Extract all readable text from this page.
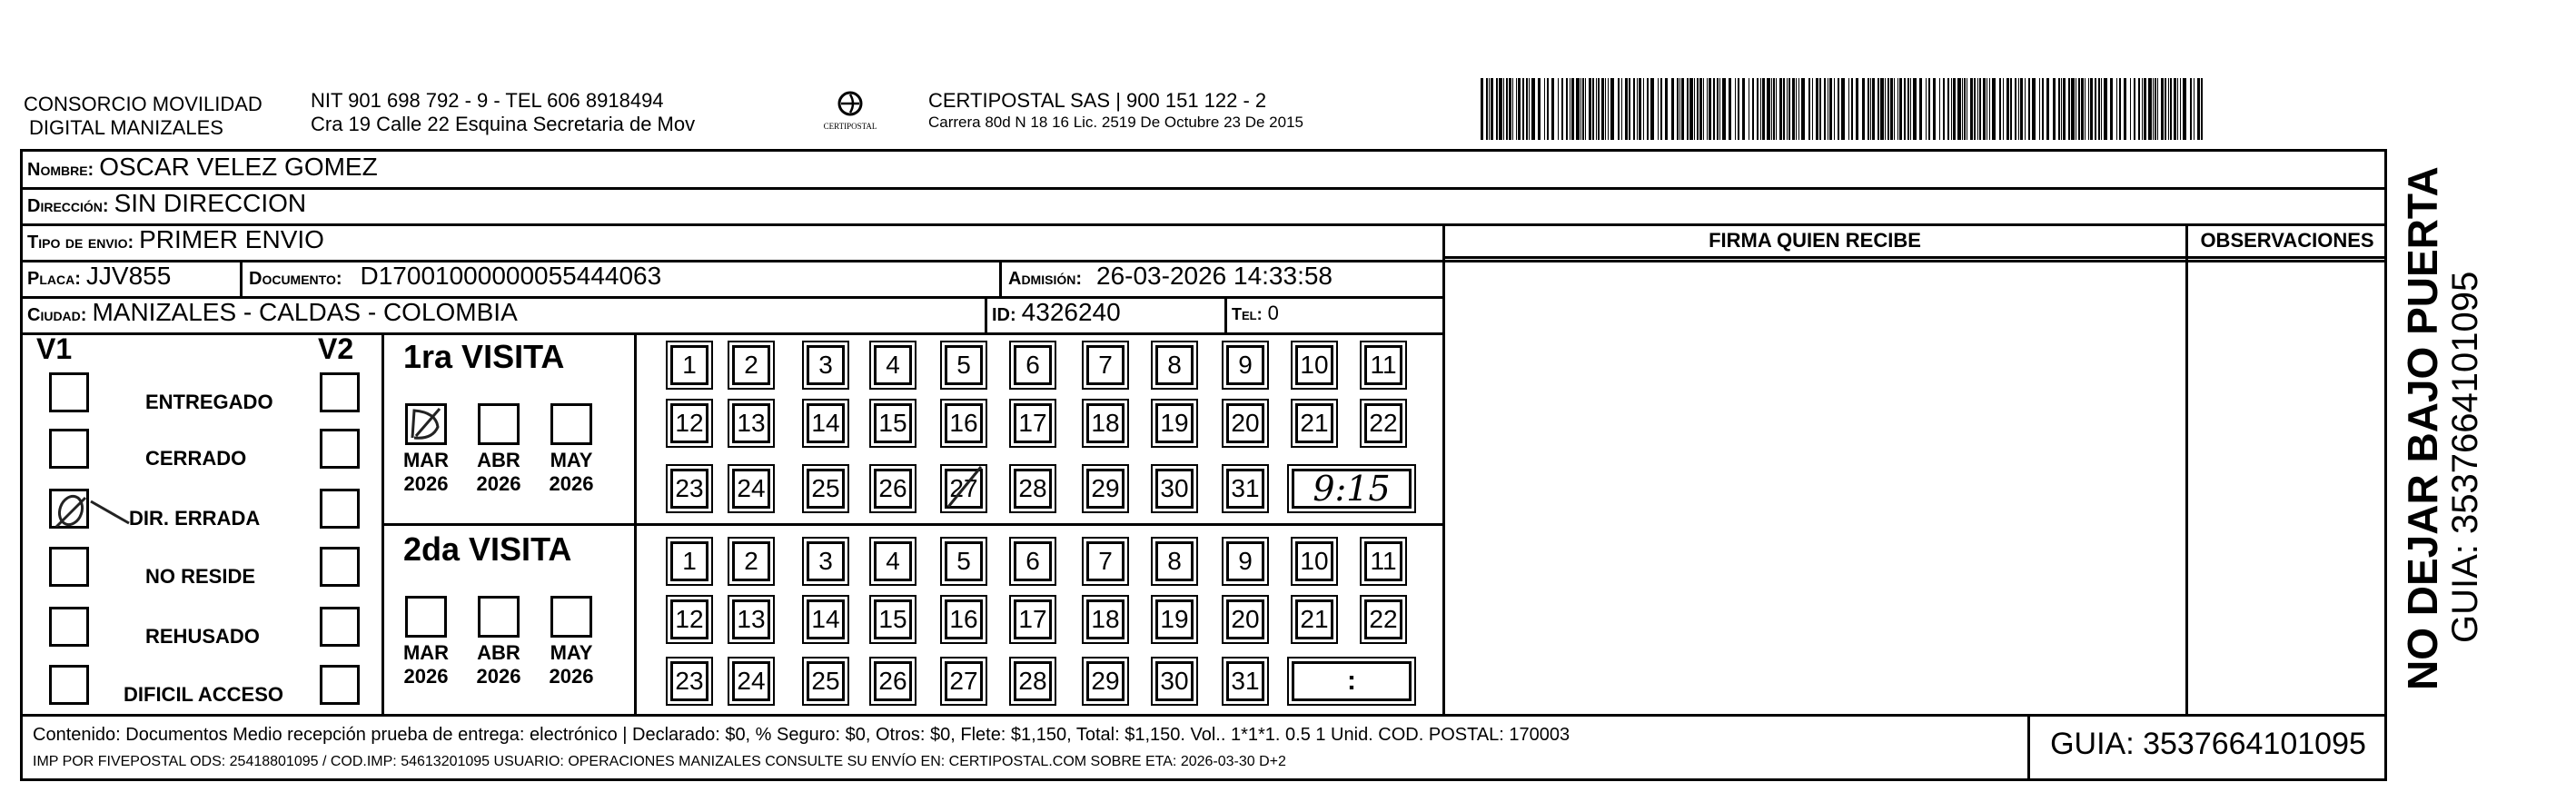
CONSORCIO MOVILIDAD
DIGITAL MANIZALES
NIT 901 698 792 - 9 - TEL 606 8918494
Cra 19 Calle 22 Esquina Secretaria de Mov	CERTIPOSTAL
CERTIPOSTAL SAS | 900 151 122 - 2
Carrera 80d N 18 16 Lic. 2519 De Octubre 23 De 2015
Nombre: OSCAR VELEZ GOMEZ
Dirección: SIN DIRECCION
Tipo de envio: PRIMER ENVIO
Placa: JJV855	Documento: D17001000000055444063	Admisión: 26-03-2026 14:33:58
Ciudad: MANIZALES - CALDAS - COLOMBIA	ID: 4326240	Tel: 0
FIRMA QUIEN RECIBE	OBSERVACIONES
V1	V2
ENTREGADO
CERRADO
DIR. ERRADA
NO RESIDE
REHUSADO
DIFICIL ACCESO
1ra VISITA
2da VISITA
MAR
2026
ABR
2026
MAY
2026
MAR
2026
ABR
2026
MAY
2026
1	2	3	4	5	6	7	8	9	10 11
12 13 14 15 16 17 18 19 20 21 22
23 24 25 26 27 28 29 30 31	9:15
1	2	3	4	5	6	7	8	9	10 11
12 13 14 15 16 17 18 19 20 21 22
23 24 25 26 27 28 29 30 31	:
Contenido: Documentos Medio recepción prueba de entrega: electrónico | Declarado: $0, % Seguro: $0, Otros: $0, Flete: $1,150, Total: $1,150. Vol.. 1*1*1. 0.5 1 Unid. COD. POSTAL: 170003
IMP POR FIVEPOSTAL ODS: 25418801095 / COD.IMP: 54613201095 USUARIO: OPERACIONES MANIZALES CONSULTE SU ENVÍO EN: CERTIPOSTAL.COM SOBRE ETA: 2026-03-30 D+2
GUIA: 3537664101095
NO DEJAR BAJO PUERTA GUIA: 3537664101095
